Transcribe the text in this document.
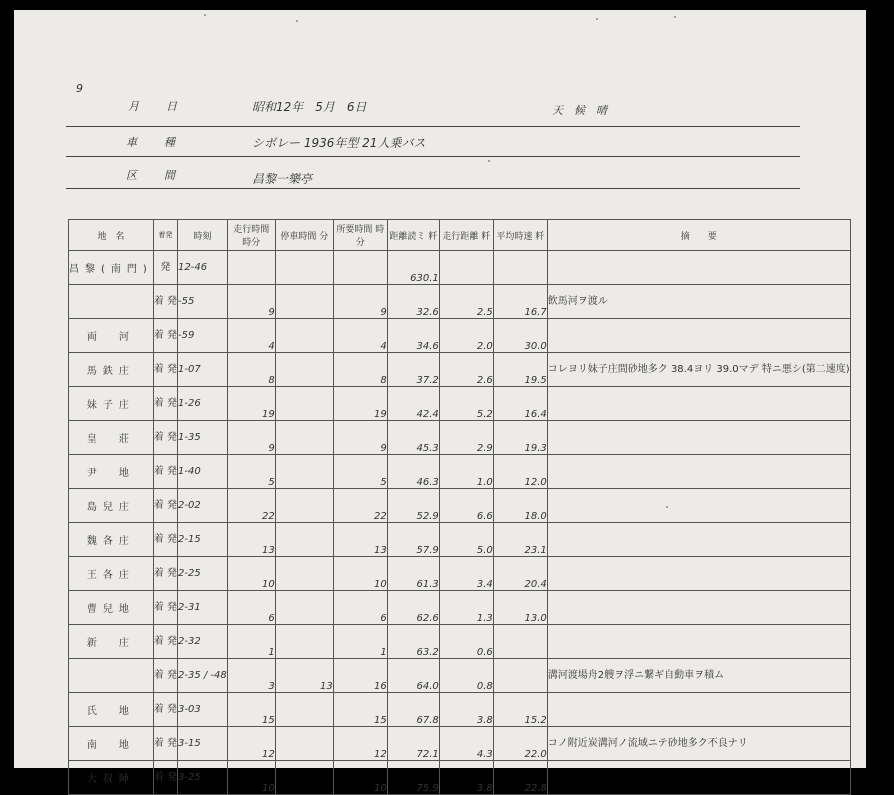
9
月 日	昭和12年　5月　6日	天　候　晴
車 種	シボレー 1936年型 21人乗バス
区 間	昌黎一樂亭
地　名	着発	時刻	走行時間 時分	停車時間 分	所要時間 時分	距離読ミ 粁	走行距離 粁	平均時速 粁	摘　　要
昌黎(南門)	発	12-46				630.1			
	着 発	-55	9		9	32.6	2.5	16.7	飲馬河ヲ渡ル
両　河	着 発	-59	4		4	34.6	2.0	30.0	
馬鉄庄	着 発	1-07	8		8	37.2	2.6	19.5	コレヨリ妹子庄間砂地多ク 38.4ヨリ 39.0マデ 特ニ悪シ(第二速度)
妹子庄	着 発	1-26	19		19	42.4	5.2	16.4	
皇　莊	着 発	1-35	9		9	45.3	2.9	19.3	
尹　地	着 発	1-40	5		5	46.3	1.0	12.0	
島兒庄	着 発	2-02	22		22	52.9	6.6	18.0	
魏各庄	着 発	2-15	13		13	57.9	5.0	23.1	
王各庄	着 発	2-25	10		10	61.3	3.4	20.4	
曹兒地	着 発	2-31	6		6	62.6	1.3	13.0	
新　庄	着 発	2-32	1		1	63.2	0.6		
	着 発	2-35 / -48	3	13	16	64.0	0.8		溝河渡場舟2艘ヲ浮ニ繋ギ自動車ヲ積ム
氏　地	着 発	3-03	15		15	67.8	3.8	15.2	
南　地	着 発	3-15	12		12	72.1	4.3	22.0	コノ附近炭溝河ノ流域ニテ砂地多ク不良ナリ
大叔陣	着 発	3-25	10		10	75.9	3.8	22.8	
